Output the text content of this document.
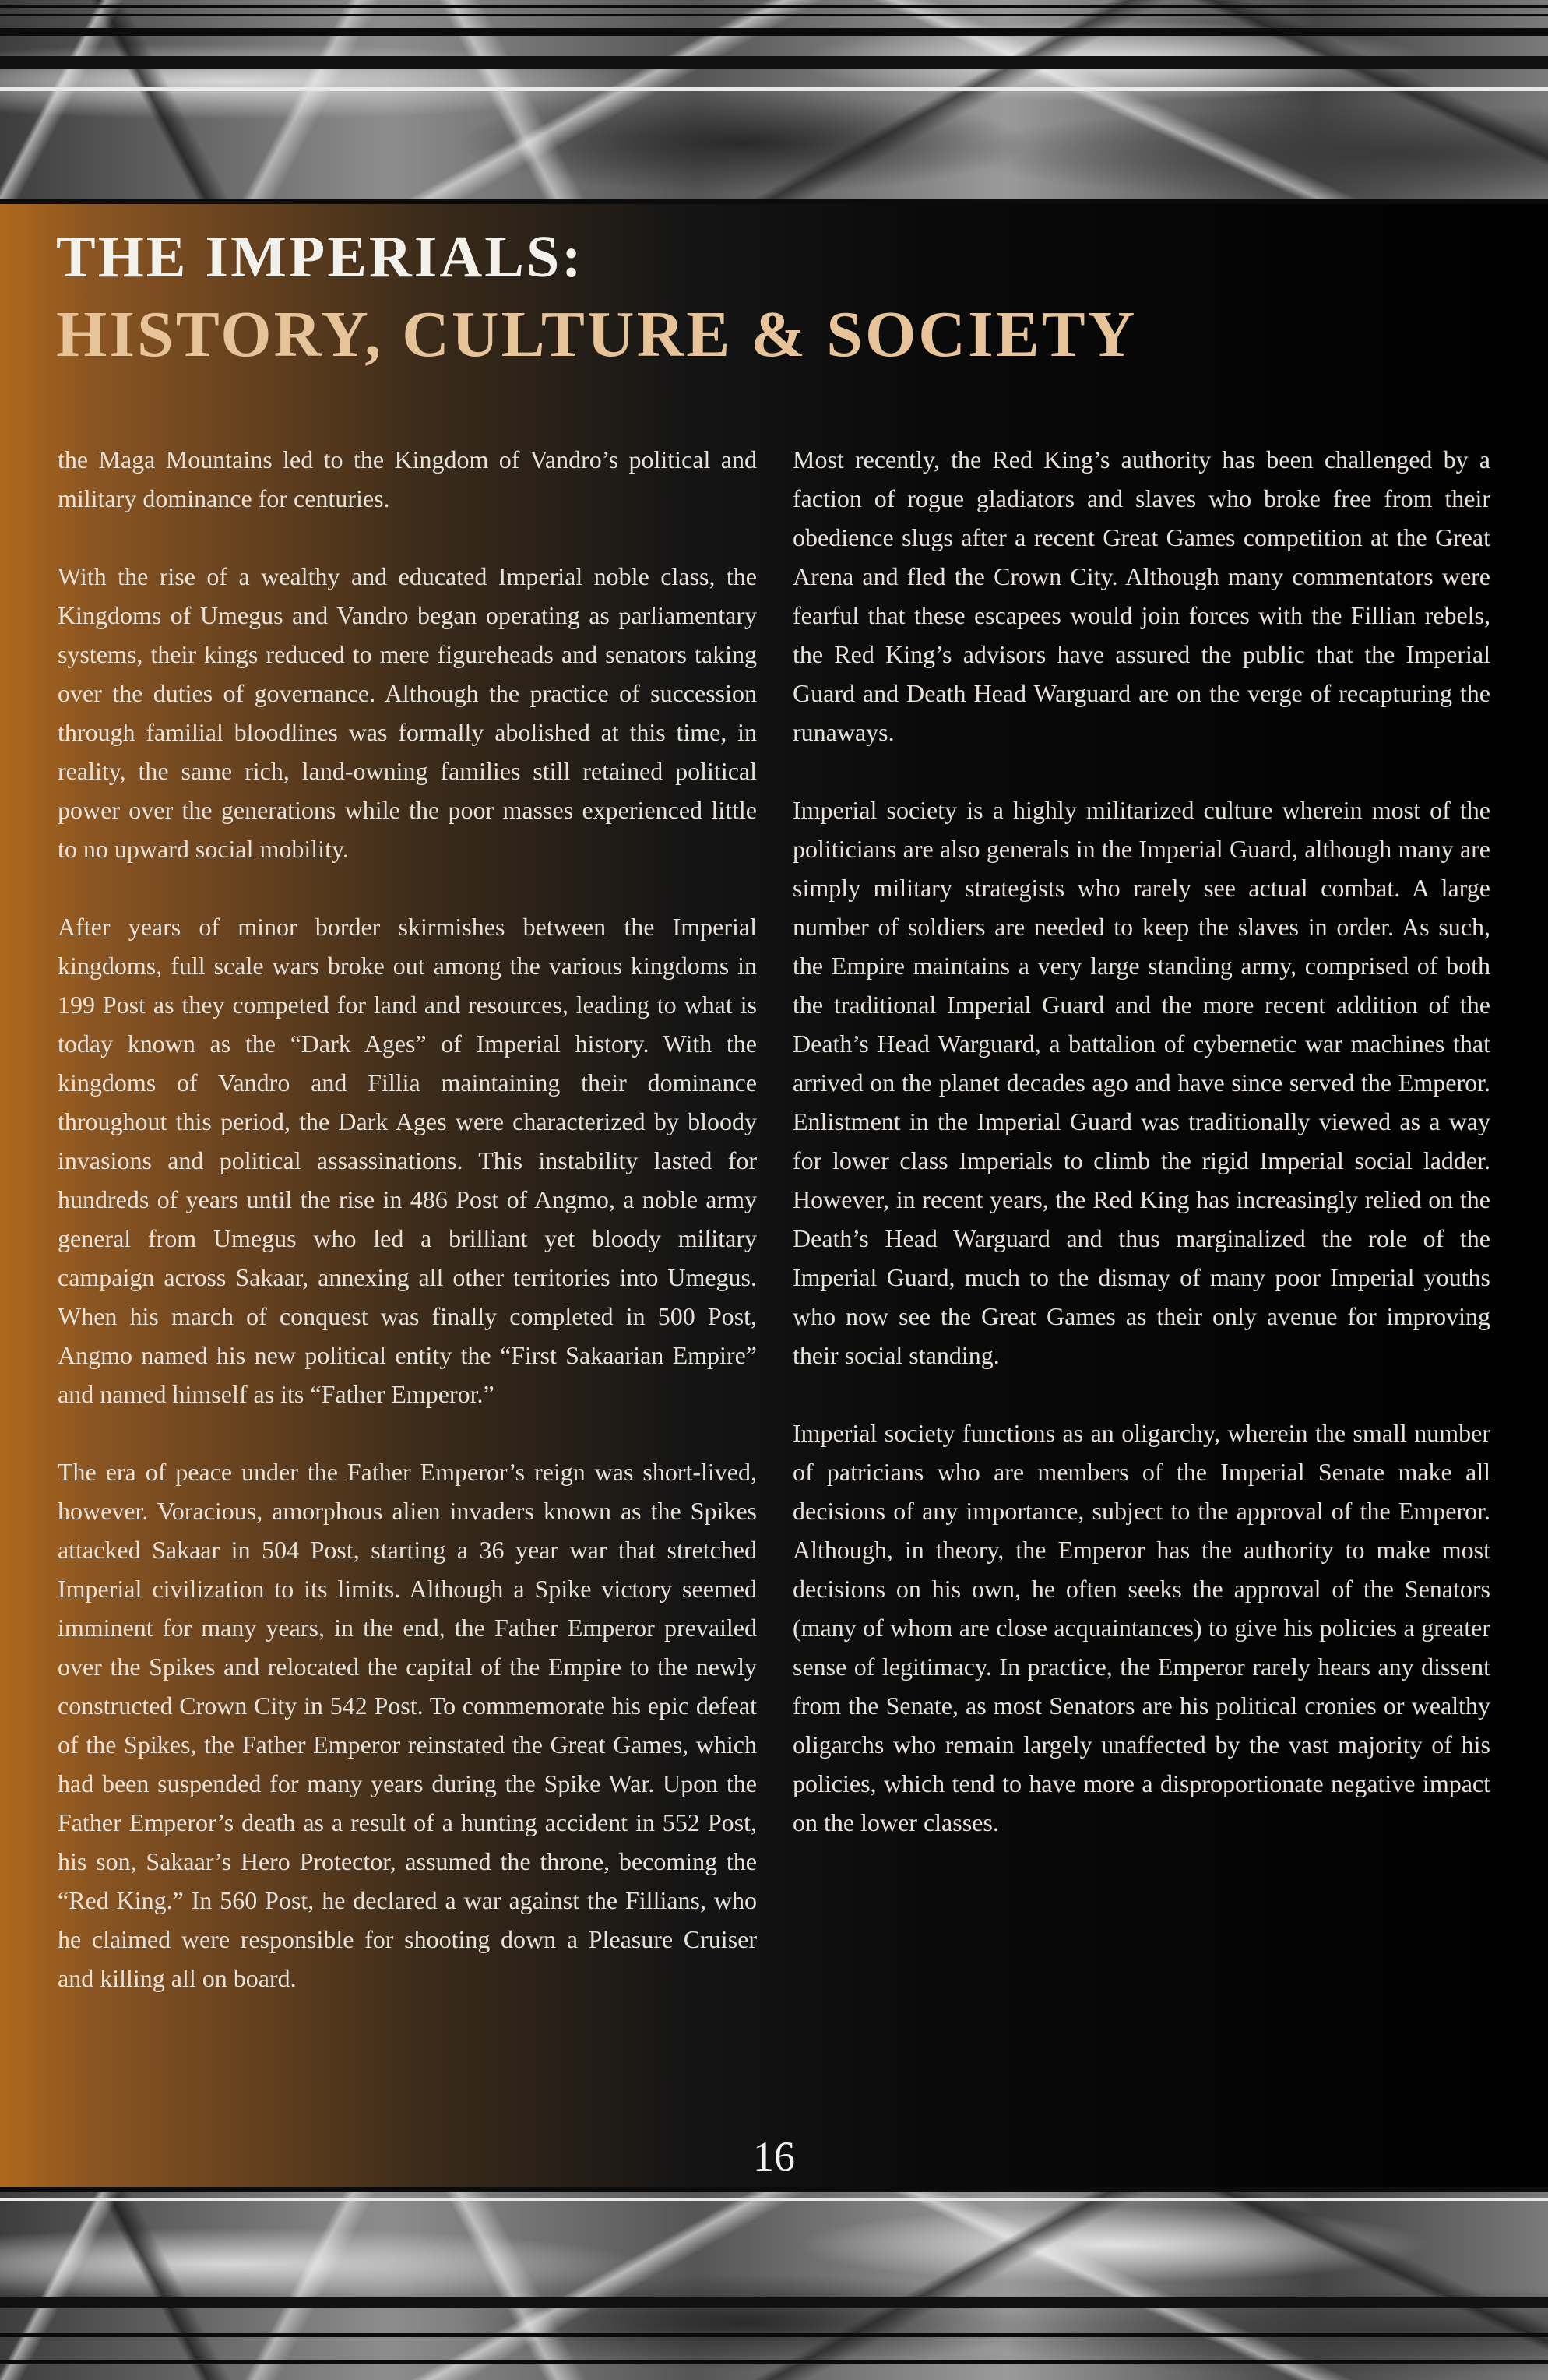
THE IMPERIALS:
HISTORY, CULTURE & SOCIETY

the Maga Mountains led to the Kingdom of Vandro’s political and military dominance for centuries.

With the rise of a wealthy and educated Imperial noble class, the Kingdoms of Umegus and Vandro began operating as parliamentary systems, their kings reduced to mere figureheads and senators taking over the duties of governance. Although the practice of succession through familial bloodlines was formally abolished at this time, in reality, the same rich, land-owning families still retained political power over the generations while the poor masses experienced little to no upward social mobility.

After years of minor border skirmishes between the Imperial kingdoms, full scale wars broke out among the various kingdoms in 199 Post as they competed for land and resources, leading to what is today known as the “Dark Ages” of Imperial history. With the kingdoms of Vandro and Fillia maintaining their dominance throughout this period, the Dark Ages were characterized by bloody invasions and political assassinations. This instability lasted for hundreds of years until the rise in 486 Post of Angmo, a noble army general from Umegus who led a brilliant yet bloody military campaign across Sakaar, annexing all other territories into Umegus. When his march of conquest was finally completed in 500 Post, Angmo named his new political entity the “First Sakaarian Empire” and named himself as its “Father Emperor.”

The era of peace under the Father Emperor’s reign was short-lived, however. Voracious, amorphous alien invaders known as the Spikes attacked Sakaar in 504 Post, starting a 36 year war that stretched Imperial civilization to its limits. Although a Spike victory seemed imminent for many years, in the end, the Father Emperor prevailed over the Spikes and relocated the capital of the Empire to the newly constructed Crown City in 542 Post. To commemorate his epic defeat of the Spikes, the Father Emperor reinstated the Great Games, which had been suspended for many years during the Spike War. Upon the Father Emperor’s death as a result of a hunting accident in 552 Post, his son, Sakaar’s Hero Protector, assumed the throne, becoming the “Red King.” In 560 Post, he declared a war against the Fillians, who he claimed were responsible for shooting down a Pleasure Cruiser and killing all on board.

Most recently, the Red King’s authority has been challenged by a faction of rogue gladiators and slaves who broke free from their obedience slugs after a recent Great Games competition at the Great Arena and fled the Crown City. Although many commentators were fearful that these escapees would join forces with the Fillian rebels, the Red King’s advisors have assured the public that the Imperial Guard and Death Head Warguard are on the verge of recapturing the runaways.

Imperial society is a highly militarized culture wherein most of the politicians are also generals in the Imperial Guard, although many are simply military strategists who rarely see actual combat. A large number of soldiers are needed to keep the slaves in order. As such, the Empire maintains a very large standing army, comprised of both the traditional Imperial Guard and the more recent addition of the Death’s Head Warguard, a battalion of cybernetic war machines that arrived on the planet decades ago and have since served the Emperor. Enlistment in the Imperial Guard was traditionally viewed as a way for lower class Imperials to climb the rigid Imperial social ladder. However, in recent years, the Red King has increasingly relied on the Death’s Head Warguard and thus marginalized the role of the Imperial Guard, much to the dismay of many poor Imperial youths who now see the Great Games as their only avenue for improving their social standing.

Imperial society functions as an oligarchy, wherein the small number of patricians who are members of the Imperial Senate make all decisions of any importance, subject to the approval of the Emperor. Although, in theory, the Emperor has the authority to make most decisions on his own, he often seeks the approval of the Senators (many of whom are close acquaintances) to give his policies a greater sense of legitimacy. In practice, the Emperor rarely hears any dissent from the Senate, as most Senators are his political cronies or wealthy oligarchs who remain largely unaffected by the vast majority of his policies, which tend to have more a disproportionate negative impact on the lower classes.

16
